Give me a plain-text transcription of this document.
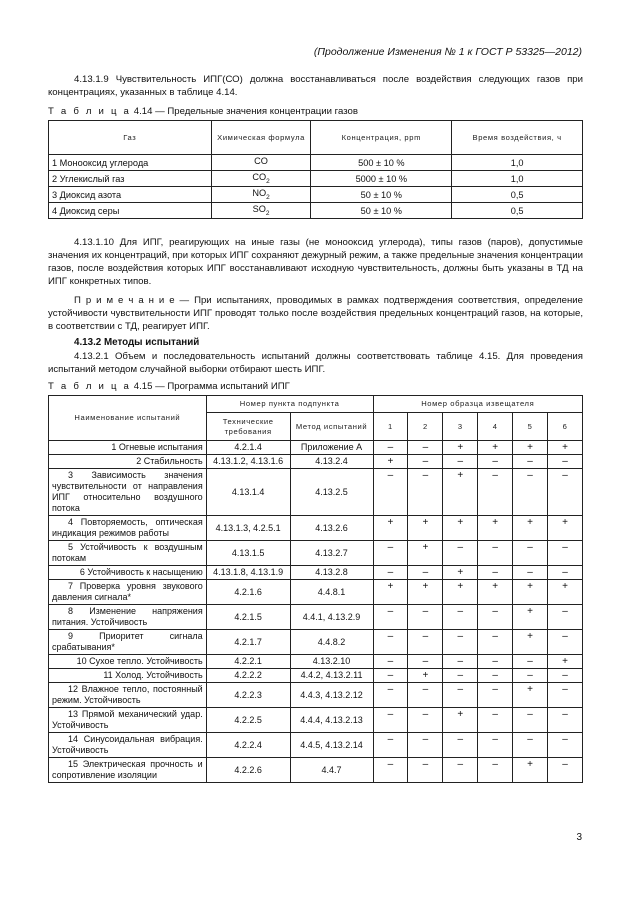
(Продолжение Изменения № 1 к ГОСТ Р 53325—2012)
4.13.1.9 Чувствительность ИПГ(СО) должна восстанавливаться после воздействия следующих газов при концентрациях, указанных в таблице 4.14.
Т а б л и ц а 4.14 — Предельные значения концентрации газов
Газ	Химическая формула	Концентрация, ppm	Время воздействия, ч
1 Монооксид углерода	CO	500 ± 10 %	1,0
2 Углекислый газ	$CO_2$	5000 ± 10 %	1,0
3 Диоксид азота	$NO_2$	50 ± 10 %	0,5
4 Диоксид серы	$SO_2$	50 ± 10 %	0,5
4.13.1.10 Для ИПГ, реагирующих на иные газы (не монооксид углерода), типы газов (паров), допустимые значения их концентраций, при которых ИПГ сохраняют дежурный режим, а также предельные значения концентрации газов, после воздействия которых ИПГ восстанавливают исходную чувствительность, должны быть указаны в ТД на ИПГ конкретных типов.
П р и м е ч а н и е — При испытаниях, проводимых в рамках подтверждения соответствия, определение устойчивости чувствительности ИПГ проводят только после воздействия предельных концентраций газов, на которые, в соответствии с ТД, реагирует ИПГ.
4.13.2 Методы испытаний
4.13.2.1 Объем и последовательность испытаний должны соответствовать таблице 4.15. Для проведения испытаний методом случайной выборки отбирают шесть ИПГ.
Т а б л и ц а 4.15 — Программа испытаний ИПГ
Наименование испытаний	Номер пункта подпункта		Номер образца извещателя					
	Технические требования	Метод испытаний	1	2	3	4	5	6
1 Огневые испытания	4.2.1.4	Приложение А	–	–	+	+	+	+
2 Стабильность	4.13.1.2, 4.13.1.6	4.13.2.4	+	–	–	–	–	–
3 Зависимость значения чувствительности от направления ИПГ относительно воздушного потока	4.13.1.4	4.13.2.5	–	–	+	–	–	–
4 Повторяемость, оптическая индикация режимов работы	4.13.1.3, 4.2.5.1	4.13.2.6	+	+	+	+	+	+
5 Устойчивость к воздушным потокам	4.13.1.5	4.13.2.7	–	+	–	–	–	–
6 Устойчивость к насыщению	4.13.1.8, 4.13.1.9	4.13.2.8	–	–	+	–	–	–
7 Проверка уровня звукового давления сигнала*	4.2.1.6	4.4.8.1	+	+	+	+	+	+
8 Изменение напряжения питания. Устойчивость	4.2.1.5	4.4.1, 4.13.2.9	–	–	–	–	+	–
9 Приоритет сигнала срабатывания*	4.2.1.7	4.4.8.2	–	–	–	–	+	–
10 Сухое тепло. Устойчивость	4.2.2.1	4.13.2.10	–	–	–	–	–	+
11 Холод. Устойчивость	4.2.2.2	4.4.2, 4.13.2.11	–	+	–	–	–	–
12 Влажное тепло, постоянный режим. Устойчивость	4.2.2.3	4.4.3, 4.13.2.12	–	–	–	–	+	–
13 Прямой механический удар. Устойчивость	4.2.2.5	4.4.4, 4.13.2.13	–	–	+	–	–	–
14 Синусоидальная вибрация. Устойчивость	4.2.2.4	4.4.5, 4.13.2.14	–	–	–	–	–	–
15 Электрическая прочность и сопротивление изоляции	4.2.2.6	4.4.7	–	–	–	–	+	–
3
